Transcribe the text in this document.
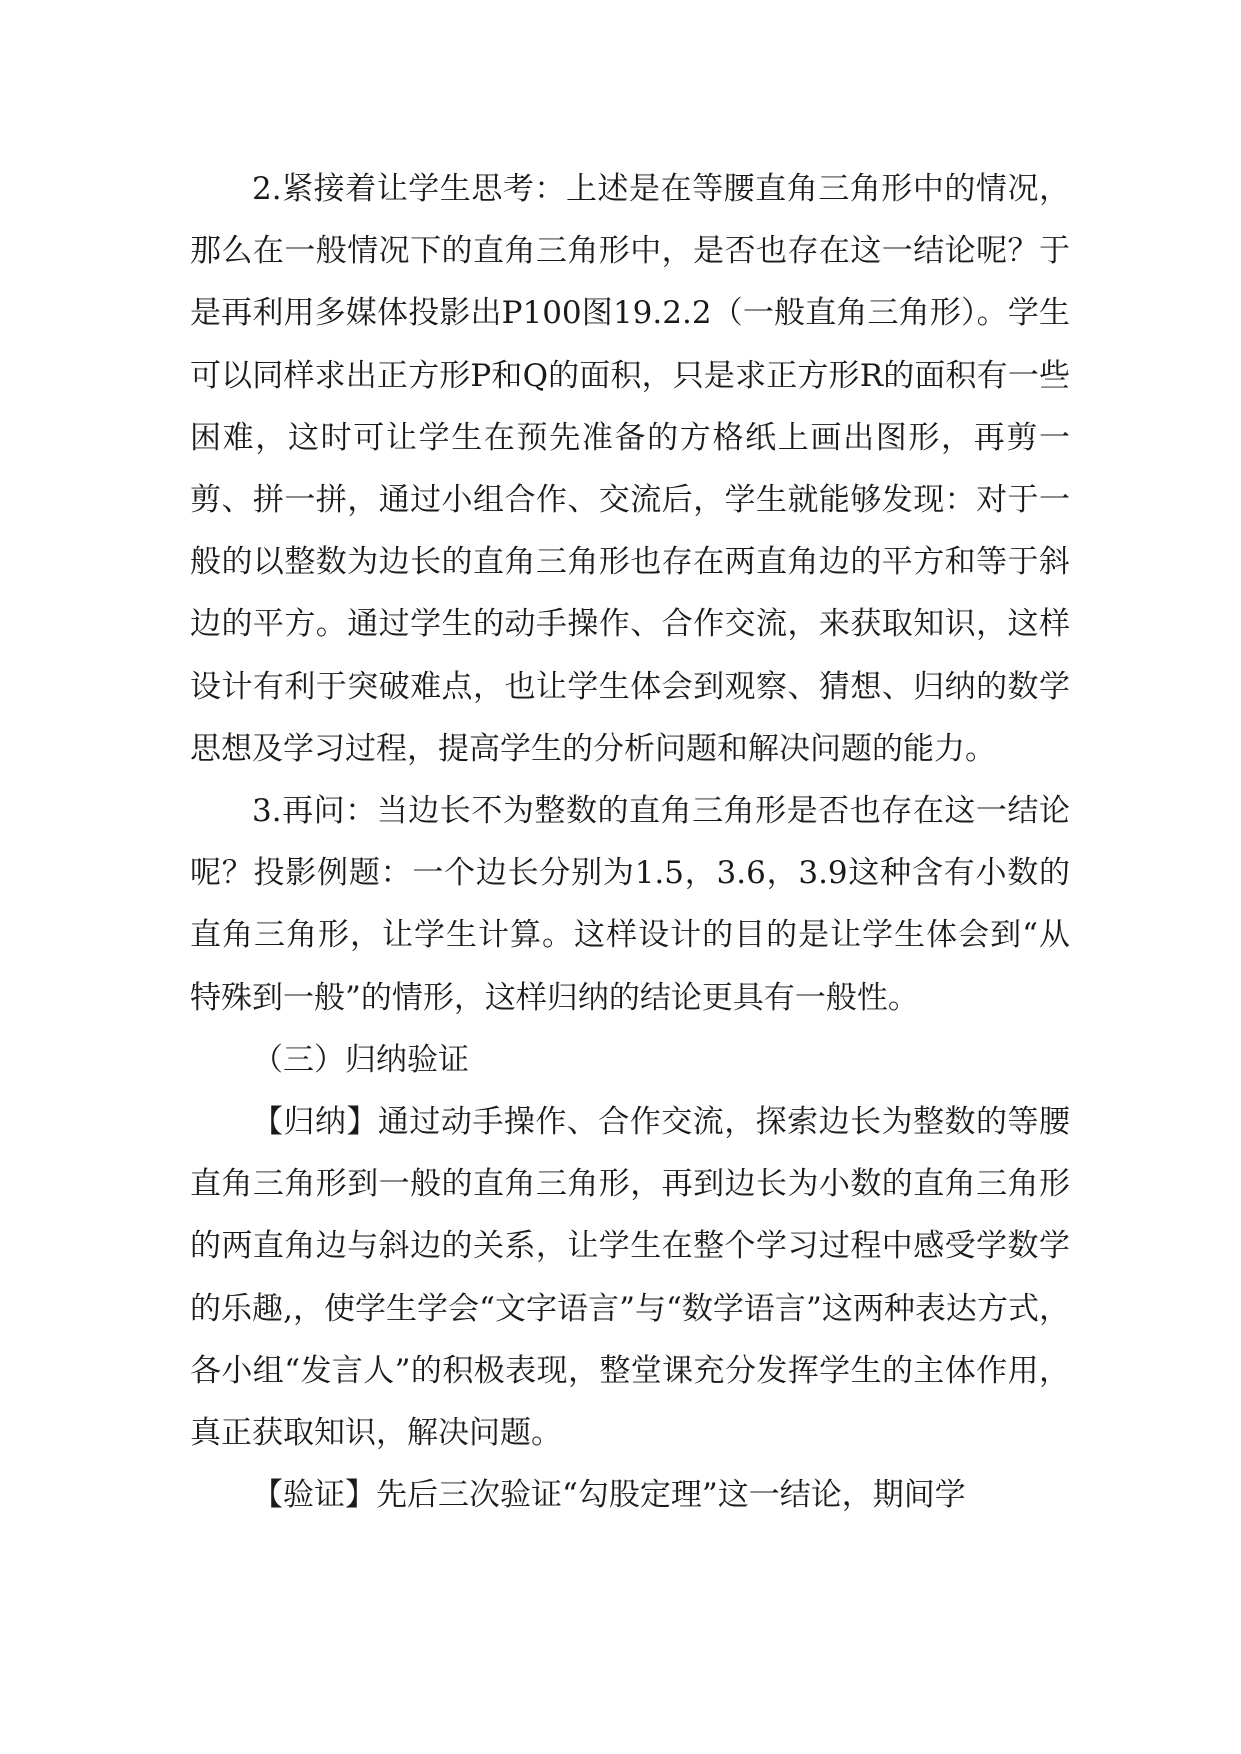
2.紧接着让学生思考：上述是在等腰直角三角形中的情况，那么在一般情况下的直角三角形中，是否也存在这一结论呢？于是再利用多媒体投影出P100图19.2.2（一般直角三角形）。学生可以同样求出正方形P和Q的面积，只是求正方形R的面积有一些困难，这时可让学生在预先准备的方格纸上画出图形，再剪一剪、拼一拼，通过小组合作、交流后，学生就能够发现：对于一般的以整数为边长的直角三角形也存在两直角边的平方和等于斜边的平方。通过学生的动手操作、合作交流，来获取知识，这样设计有利于突破难点，也让学生体会到观察、猜想、归纳的数学思想及学习过程，提高学生的分析问题和解决问题的能力。

3.再问：当边长不为整数的直角三角形是否也存在这一结论呢？投影例题：一个边长分别为1.5，3.6，3.9这种含有小数的直角三角形，让学生计算。这样设计的目的是让学生体会到“从特殊到一般”的情形，这样归纳的结论更具有一般性。

（三）归纳验证

【归纳】通过动手操作、合作交流，探索边长为整数的等腰直角三角形到一般的直角三角形，再到边长为小数的直角三角形的两直角边与斜边的关系，让学生在整个学习过程中感受学数学的乐趣,，使学生学会“文字语言”与“数学语言”这两种表达方式，各小组“发言人”的积极表现，整堂课充分发挥学生的主体作用，真正获取知识，解决问题。

【验证】先后三次验证“勾股定理”这一结论，期间学
